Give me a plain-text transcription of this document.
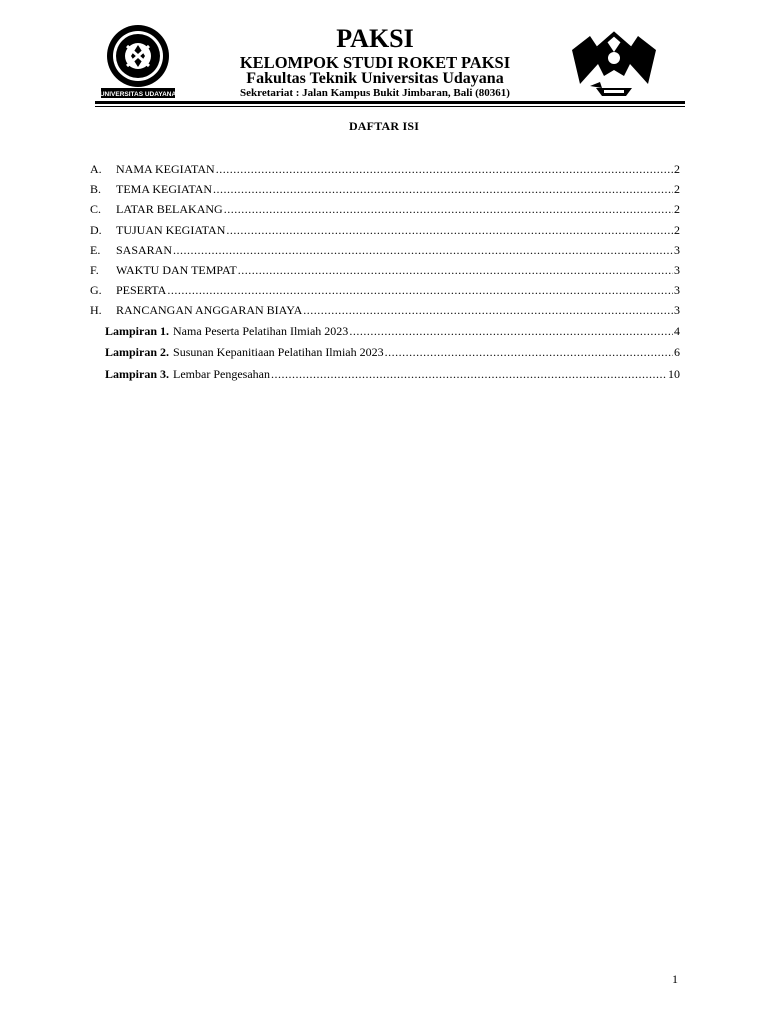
UNIVERSITAS UDAYANA
PAKSI
KELOMPOK STUDI ROKET PAKSI
Fakultas Teknik Universitas Udayana
Sekretariat : Jalan Kampus Bukit Jimbaran, Bali (80361)
DAFTAR ISI
A.	NAMA KEGIATAN .....	2
B.	TEMA KEGIATAN .....	2
C.	LATAR BELAKANG .....	2
D.	TUJUAN KEGIATAN .....	2
E.	SASARAN .....	3
F.	WAKTU DAN TEMPAT .....	3
G.	PESERTA .....	3
H.	RANCANGAN ANGGARAN BIAYA .....	3
Lampiran 1. Nama Peserta Pelatihan Ilmiah 2023 .....	4
Lampiran 2. Susunan Kepanitiaan Pelatihan Ilmiah 2023 .....	6
Lampiran 3. Lembar Pengesahan .....	10
1
